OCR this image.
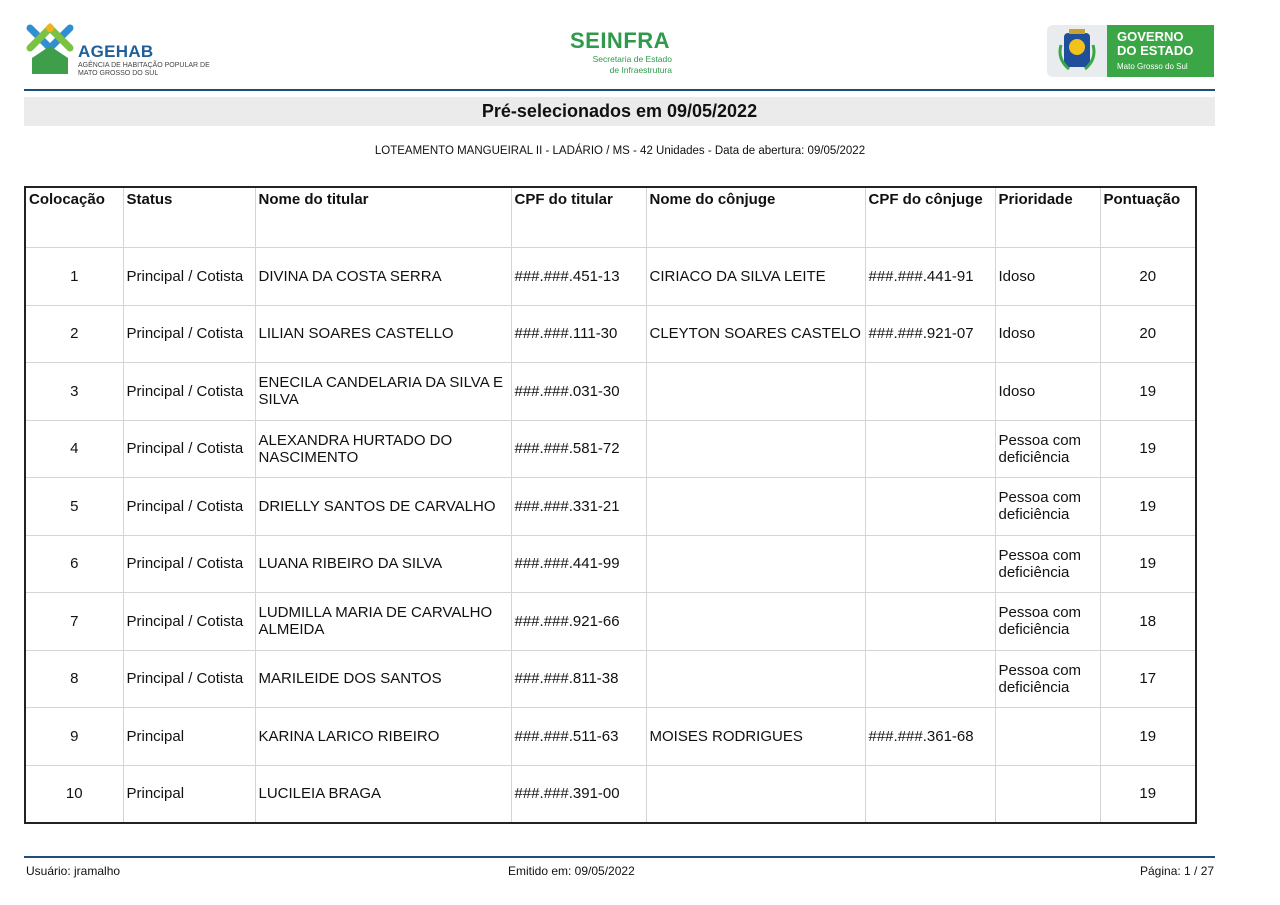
AGEHAB
AGÊNCIA DE HABITAÇÃO POPULAR DE MATO GROSSO DO SUL
SEINFRA
Secretaria de Estado
de Infraestrutura
GOVERNO
DO ESTADO
Mato Grosso do Sul
Pré-selecionados em 09/05/2022
LOTEAMENTO MANGUEIRAL II - LADÁRIO / MS - 42 Unidades - Data de abertura: 09/05/2022
Colocação	Status	Nome do titular	CPF do titular	Nome do cônjuge	CPF do cônjuge	Prioridade	Pontuação
1	Principal / Cotista	DIVINA DA COSTA SERRA	###.###.451-13	CIRIACO DA SILVA LEITE	###.###.441-91	Idoso	20
2	Principal / Cotista	LILIAN SOARES CASTELLO	###.###.111-30	CLEYTON SOARES CASTELO	###.###.921-07	Idoso	20
3	Principal / Cotista	ENECILA CANDELARIA DA SILVA E SILVA	###.###.031-30			Idoso	19
4	Principal / Cotista	ALEXANDRA HURTADO DO NASCIMENTO	###.###.581-72			Pessoa com deficiência	19
5	Principal / Cotista	DRIELLY SANTOS DE CARVALHO	###.###.331-21			Pessoa com deficiência	19
6	Principal / Cotista	LUANA RIBEIRO DA SILVA	###.###.441-99			Pessoa com deficiência	19
7	Principal / Cotista	LUDMILLA MARIA DE CARVALHO ALMEIDA	###.###.921-66			Pessoa com deficiência	18
8	Principal / Cotista	MARILEIDE DOS SANTOS	###.###.811-38			Pessoa com deficiência	17
9	Principal	KARINA LARICO RIBEIRO	###.###.511-63	MOISES RODRIGUES	###.###.361-68		19
10	Principal	LUCILEIA BRAGA	###.###.391-00				19
Usuário: jramalho	Emitido em: 09/05/2022	Página: 1 / 27
